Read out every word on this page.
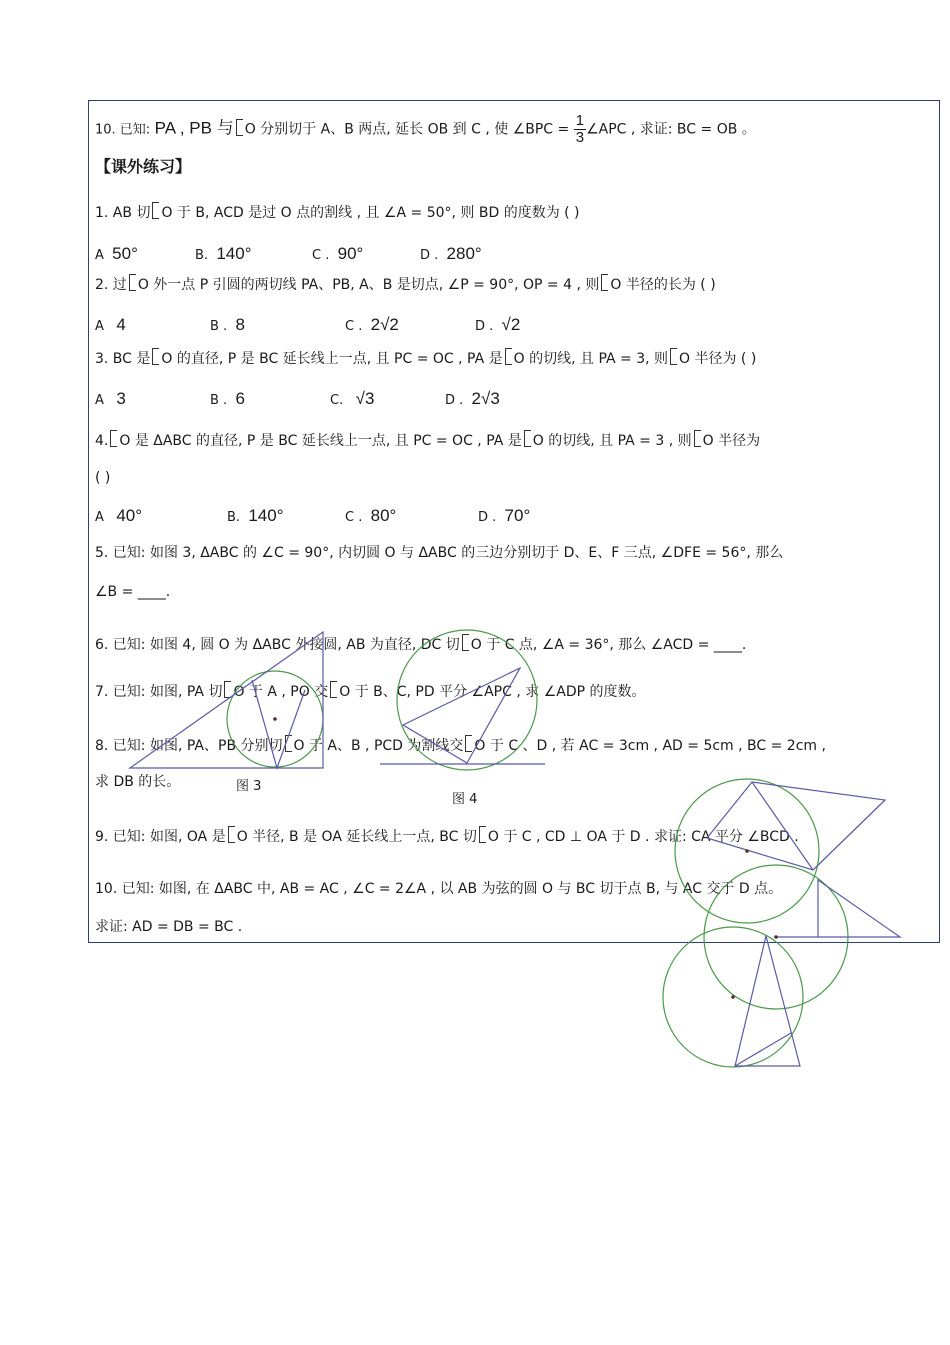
10. 已知: PA , PB 与 O 分别切于 A、B 两点, 延长 OB 到 C , 使 ∠BPC = $\frac{1}{3}$ ∠APC , 求证: BC = OB 。
【课外练习】
1. AB 切 O 于 B, ACD 是过 O 点的割线 , 且 ∠A = 50°, 则 BD 的度数为 ( )
A 50°	B. 140°	C . 90°	D . 280°
2. 过 O 外一点 P 引圆的两切线 PA、PB, A、B 是切点, ∠P = 90°, OP = 4 , 则 O 半径的长为 ( )
A 4	B . 8	C . 2√2	D . √2
3. BC 是 O 的直径, P 是 BC 延长线上一点, 且 PC = OC , PA 是 O 的切线, 且 PA = 3, 则 O 半径为 ( )
A 3	B . 6	C. √3	D . 2√3
4. O 是 ΔABC 的直径, P 是 BC 延长线上一点, 且 PC = OC , PA 是 O 的切线, 且 PA = 3 , 则 O 半径为
( )
A 40°	B. 140°	C . 80°	D . 70°
5. 已知: 如图 3, ΔABC 的 ∠C = 90°, 内切圆 O 与 ΔABC 的三边分别切于 D、E、F 三点, ∠DFE = 56°, 那么
∠B = ____.
6. 已知: 如图 4, 圆 O 为 ΔABC 外接圆, AB 为直径, DC 切 O 于 C 点, ∠A = 36°, 那么 ∠ACD = ____.
7. 已知: 如图, PA 切 O 于 A , PO 交 O 于 B、C, PD 平分 ∠APC , 求 ∠ADP 的度数。
8. 已知: 如图, PA、PB 分别切 O 于 A、B , PCD 为割线交 O 于 C 、D , 若 AC = 3cm , AD = 5cm , BC = 2cm ,
求 DB 的长。
9. 已知: 如图, OA 是 O 半径, B 是 OA 延长线上一点, BC 切 O 于 C , CD ⊥ OA 于 D . 求证: CA 平分 ∠BCD .
10. 已知: 如图, 在 ΔABC 中, AB = AC , ∠C = 2∠A , 以 AB 为弦的圆 O 与 BC 切于点 B, 与 AC 交于 D 点。
求证: AD = DB = BC .
图 3
图 4
